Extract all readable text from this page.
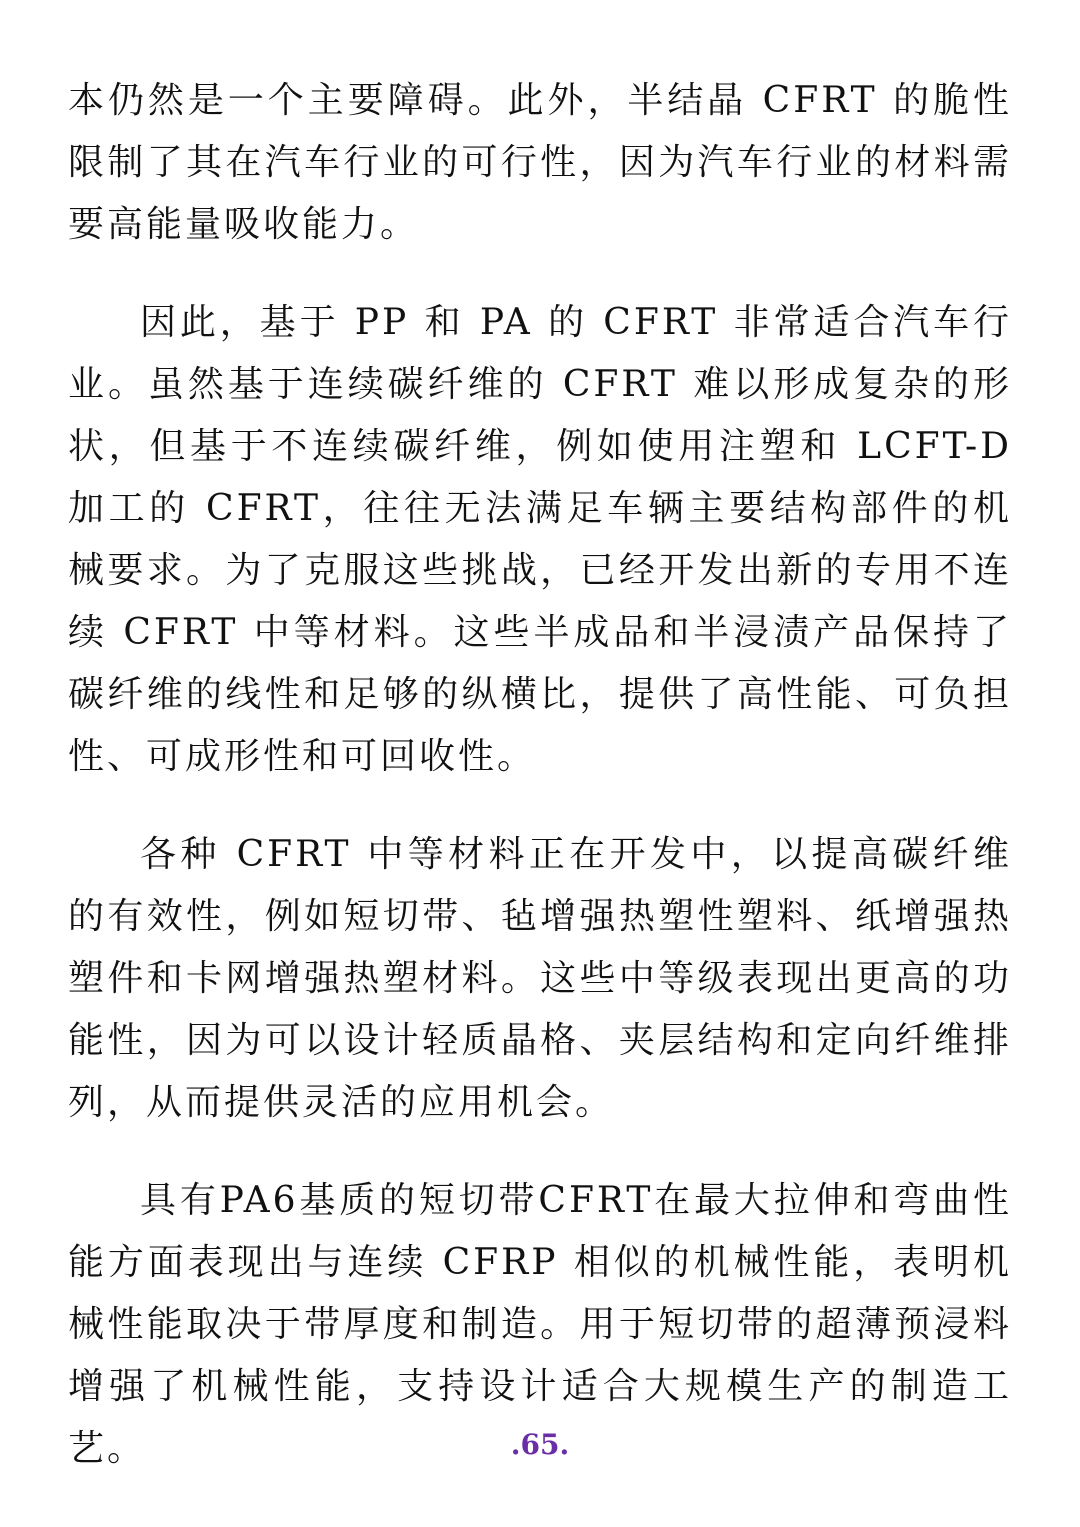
本仍然是一个主要障碍。此外，半结晶 CFRT 的脆性限制了其在汽车行业的可行性，因为汽车行业的材料需要高能量吸收能力。

因此，基于 PP 和 PA 的 CFRT 非常适合汽车行业。虽然基于连续碳纤维的 CFRT 难以形成复杂的形状，但基于不连续碳纤维，例如使用注塑和 LCFT-D 加工的 CFRT，往往无法满足车辆主要结构部件的机械要求。为了克服这些挑战，已经开发出新的专用不连续 CFRT 中等材料。这些半成品和半浸渍产品保持了碳纤维的线性和足够的纵横比，提供了高性能、可负担性、可成形性和可回收性。

各种 CFRT 中等材料正在开发中，以提高碳纤维的有效性，例如短切带、毡增强热塑性塑料、纸增强热塑件和卡网增强热塑材料。这些中等级表现出更高的功能性，因为可以设计轻质晶格、夹层结构和定向纤维排列，从而提供灵活的应用机会。

具有PA6基质的短切带CFRT在最大拉伸和弯曲性能方面表现出与连续 CFRP 相似的机械性能，表明机械性能取决于带厚度和制造。用于短切带的超薄预浸料增强了机械性能，支持设计适合大规模生产的制造工艺。	.65.
